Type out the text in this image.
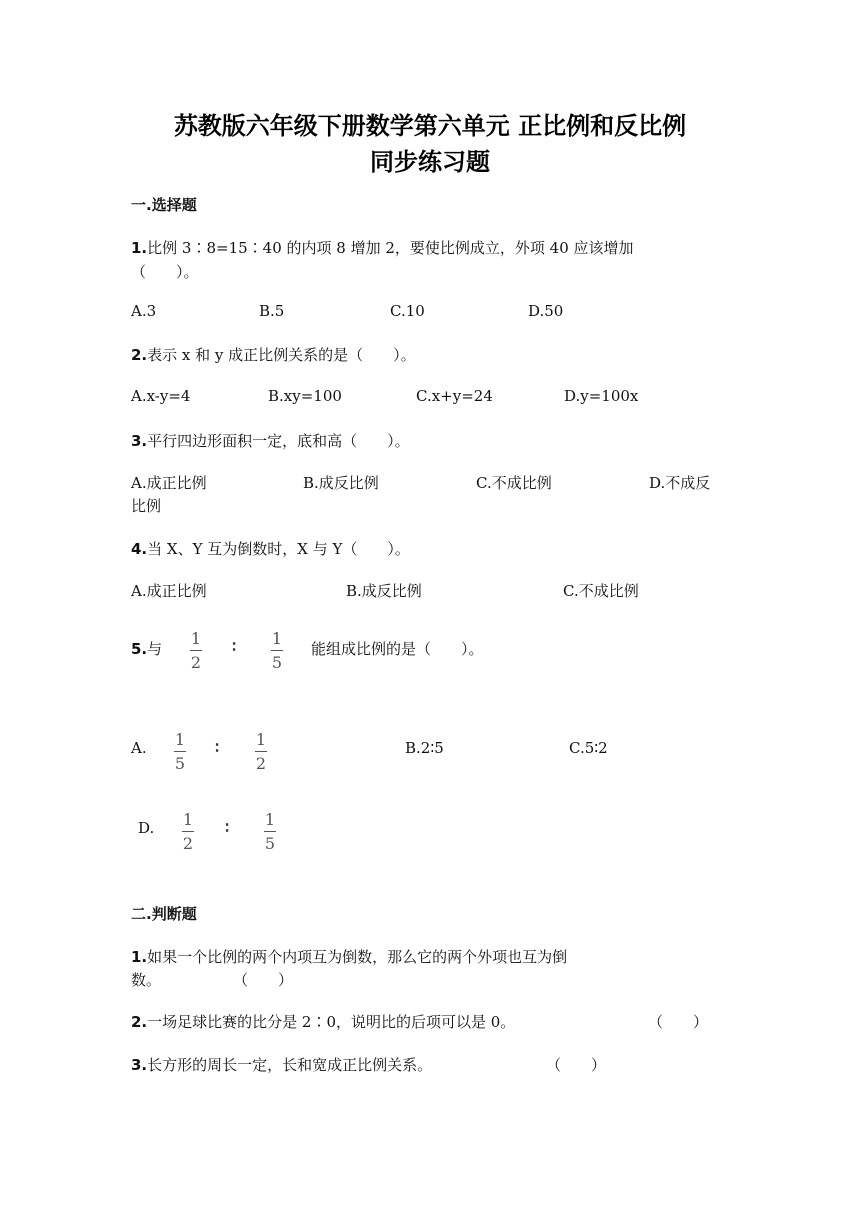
苏教版六年级下册数学第六单元 正比例和反比例
同步练习题
一.选择题
1.比例 3∶8=15∶40 的内项 8 增加 2，要使比例成立，外项 40 应该增加
（　　）。
A.3	B.5	C.10	D.50
2.表示 x 和 y 成正比例关系的是（　　）。
A.x-y=4	B.xy=100	C.x+y=24	D.y=100x
3.平行四边形面积一定，底和高（　　）。
A.成正比例	B.成反比例	C.不成比例	D.不成反
比例
4.当 X、Y 互为倒数时，X 与 Y（　　）。
A.成正比例	B.成反比例	C.不成比例
5.与
1
2
∶ 1
5
能组成比例的是（　　）。
A. 1
5
∶ 1
2
B.2∶5	C.5∶2
D. 1
2
∶ 1
5
二.判断题
1.如果一个比例的两个内项互为倒数，那么它的两个外项也互为倒
数。	（　　）
2.一场足球比赛的比分是 2∶0，说明比的后项可以是 0。	（　　）
3.长方形的周长一定，长和宽成正比例关系。	（　　）
